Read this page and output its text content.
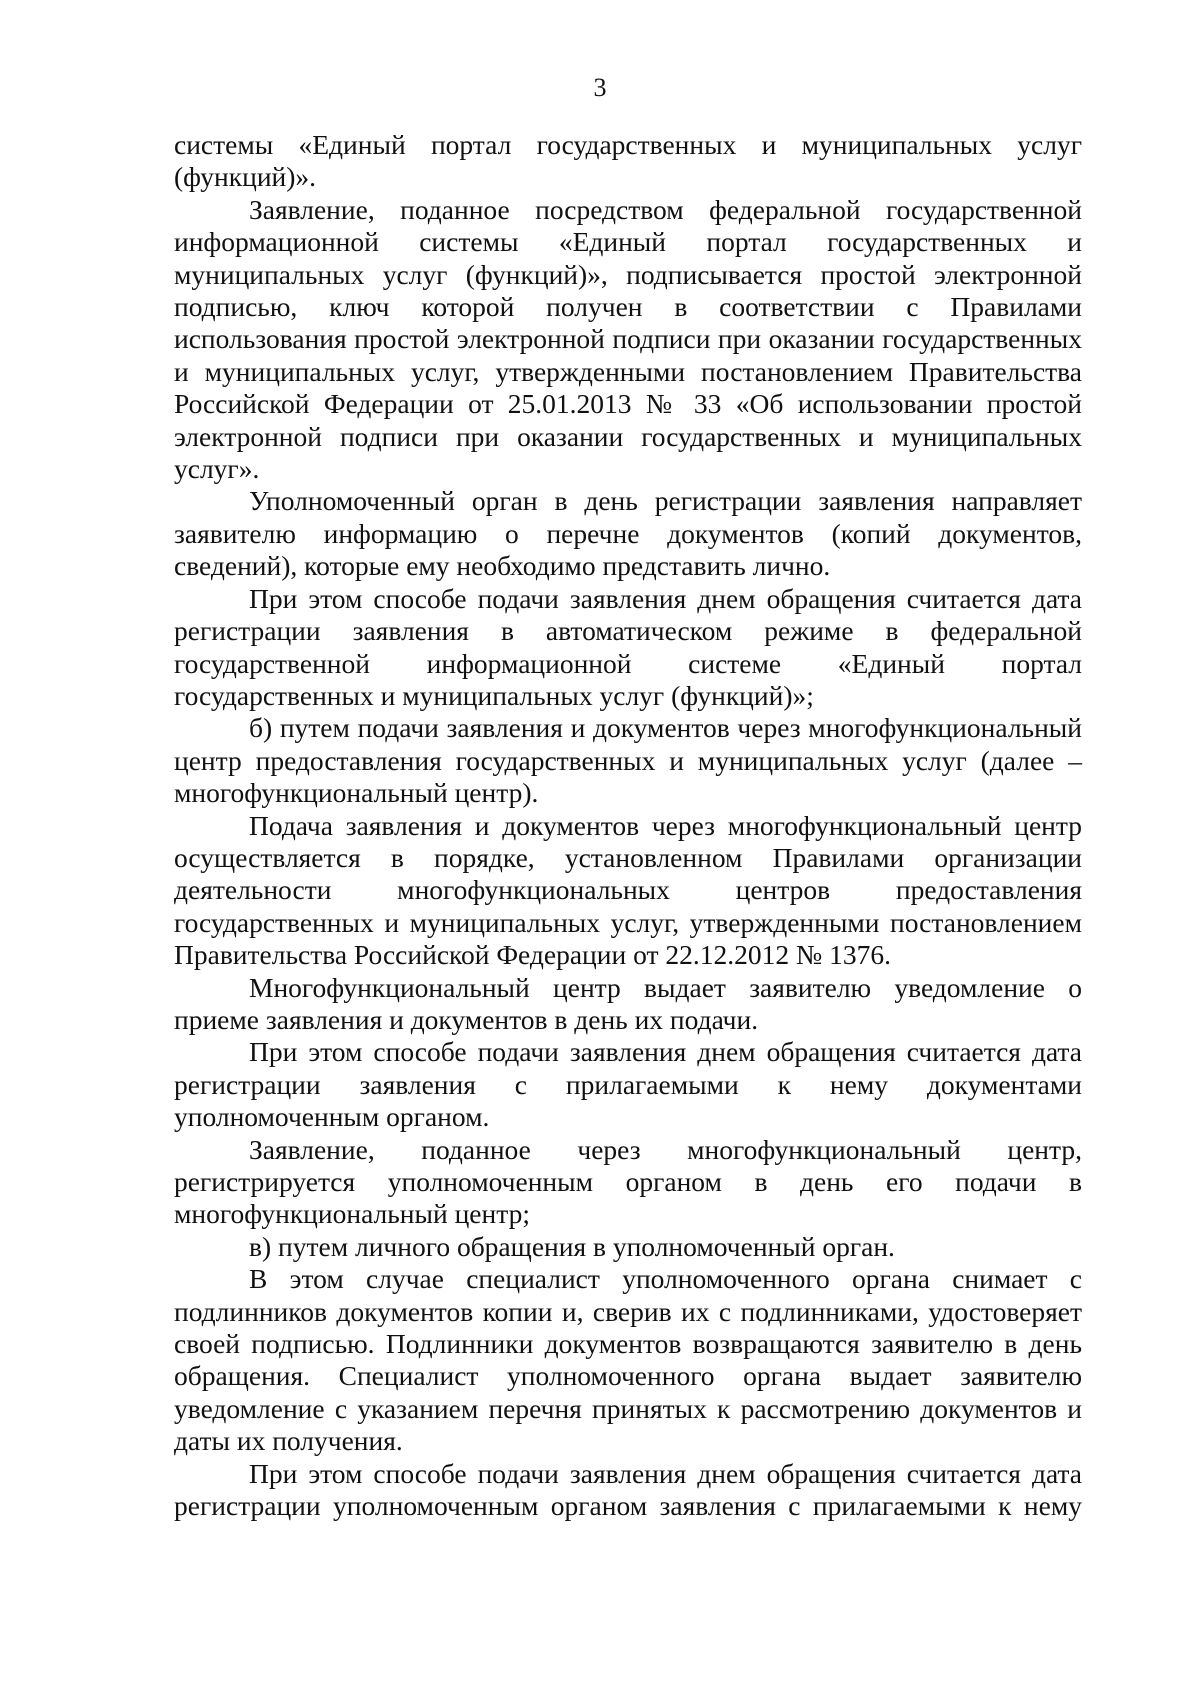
3

системы «Единый портал государственных и муниципальных услуг (функций)».

Заявление, поданное посредством федеральной государственной информационной системы «Единый портал государственных и муниципальных услуг (функций)», подписывается простой электронной подписью, ключ которой получен в соответствии с Правилами использования простой электронной подписи при оказании государственных и муниципальных услуг, утвержденными постановлением Правительства Российской Федерации от 25.01.2013 № 33 «Об использовании простой электронной подписи при оказании государственных и муниципальных услуг».

Уполномоченный орган в день регистрации заявления направляет заявителю информацию о перечне документов (копий документов, сведений), которые ему необходимо представить лично.

При этом способе подачи заявления днем обращения считается дата регистрации заявления в автоматическом режиме в федеральной государственной информационной системе «Единый портал государственных и муниципальных услуг (функций)»;

б) путем подачи заявления и документов через многофункциональный центр предоставления государственных и муниципальных услуг (далее – многофункциональный центр).

Подача заявления и документов через многофункциональный центр осуществляется в порядке, установленном Правилами организации деятельности многофункциональных центров предоставления государственных и муниципальных услуг, утвержденными постановлением Правительства Российской Федерации от 22.12.2012 № 1376.

Многофункциональный центр выдает заявителю уведомление о приеме заявления и документов в день их подачи.

При этом способе подачи заявления днем обращения считается дата регистрации заявления с прилагаемыми к нему документами уполномоченным органом.

Заявление, поданное через многофункциональный центр, регистрируется уполномоченным органом в день его подачи в многофункциональный центр;

в) путем личного обращения в уполномоченный орган.

В этом случае специалист уполномоченного органа снимает с подлинников документов копии и, сверив их с подлинниками, удостоверяет своей подписью. Подлинники документов возвращаются заявителю в день обращения. Специалист уполномоченного органа выдает заявителю уведомление с указанием перечня принятых к рассмотрению документов и даты их получения.

При этом способе подачи заявления днем обращения считается дата регистрации уполномоченным органом заявления с прилагаемыми к нему
